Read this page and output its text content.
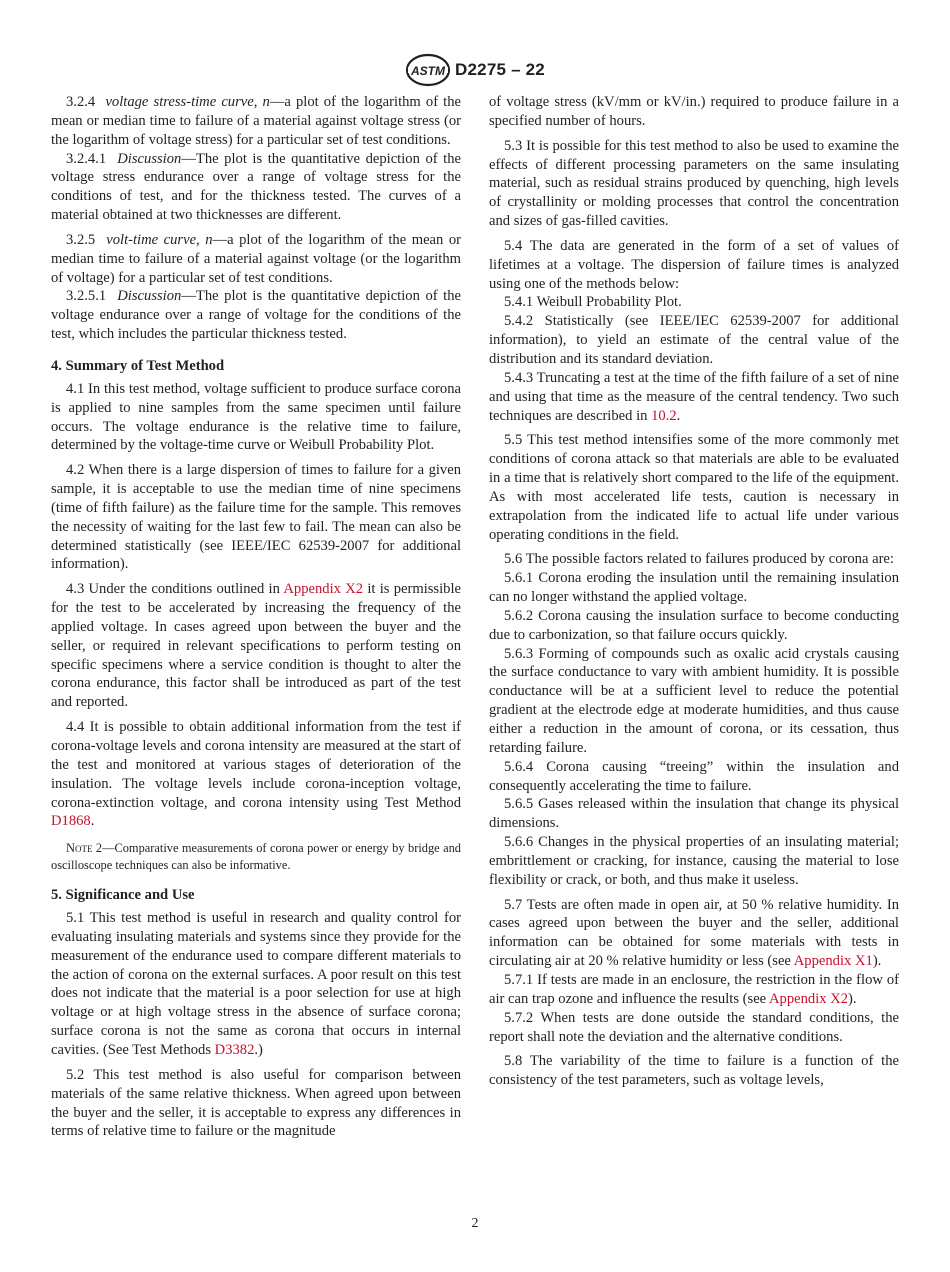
ASTM D2275 – 22

3.2.4 voltage stress-time curve, n—a plot of the logarithm of the mean or median time to failure of a material against voltage stress (or the logarithm of voltage stress) for a particular set of test conditions.

3.2.4.1 Discussion—The plot is the quantitative depiction of the voltage stress endurance over a range of voltage stress for the conditions of test, and for the thickness tested. The curves of a material obtained at two thicknesses are different.

3.2.5 volt-time curve, n—a plot of the logarithm of the mean or median time to failure of a material against voltage (or the logarithm of voltage) for a particular set of test conditions.

3.2.5.1 Discussion—The plot is the quantitative depiction of the voltage endurance over a range of voltage for the conditions of the test, which includes the particular thickness tested.

4. Summary of Test Method

4.1 In this test method, voltage sufficient to produce surface corona is applied to nine samples from the same specimen until failure occurs. The voltage endurance is the relative time to failure, determined by the voltage-time curve or Weibull Probability Plot.

4.2 When there is a large dispersion of times to failure for a given sample, it is acceptable to use the median time of nine specimens (time of fifth failure) as the failure time for the sample. This removes the necessity of waiting for the last few to fail. The mean can also be determined statistically (see IEEE/IEC 62539-2007 for additional information).

4.3 Under the conditions outlined in Appendix X2 it is permissible for the test to be accelerated by increasing the frequency of the applied voltage. In cases agreed upon between the buyer and the seller, or required in relevant specifications to perform testing on specific specimens where a service condition is thought to alter the corona endurance, this factor shall be introduced as part of the test and reported.

4.4 It is possible to obtain additional information from the test if corona-voltage levels and corona intensity are measured at the start of the test and monitored at various stages of deterioration of the insulation. The voltage levels include corona-inception voltage, corona-extinction voltage, and corona intensity using Test Method D1868.

Note 2—Comparative measurements of corona power or energy by bridge and oscilloscope techniques can also be informative.

5. Significance and Use

5.1 This test method is useful in research and quality control for evaluating insulating materials and systems since they provide for the measurement of the endurance used to compare different materials to the action of corona on the external surfaces. A poor result on this test does not indicate that the material is a poor selection for use at high voltage or at high voltage stress in the absence of surface corona; surface corona is not the same as corona that occurs in internal cavities. (See Test Methods D3382.)

5.2 This test method is also useful for comparison between materials of the same relative thickness. When agreed upon between the buyer and the seller, it is acceptable to express any differences in terms of relative time to failure or the magnitude

of voltage stress (kV/mm or kV/in.) required to produce failure in a specified number of hours.

5.3 It is possible for this test method to also be used to examine the effects of different processing parameters on the same insulating material, such as residual strains produced by quenching, high levels of crystallinity or molding processes that control the concentration and sizes of gas-filled cavities.

5.4 The data are generated in the form of a set of values of lifetimes at a voltage. The dispersion of failure times is analyzed using one of the methods below:

5.4.1 Weibull Probability Plot.

5.4.2 Statistically (see IEEE/IEC 62539-2007 for additional information), to yield an estimate of the central value of the distribution and its standard deviation.

5.4.3 Truncating a test at the time of the fifth failure of a set of nine and using that time as the measure of the central tendency. Two such techniques are described in 10.2.

5.5 This test method intensifies some of the more commonly met conditions of corona attack so that materials are able to be evaluated in a time that is relatively short compared to the life of the equipment. As with most accelerated life tests, caution is necessary in extrapolation from the indicated life to actual life under various operating conditions in the field.

5.6 The possible factors related to failures produced by corona are:

5.6.1 Corona eroding the insulation until the remaining insulation can no longer withstand the applied voltage.

5.6.2 Corona causing the insulation surface to become conducting due to carbonization, so that failure occurs quickly.

5.6.3 Forming of compounds such as oxalic acid crystals causing the surface conductance to vary with ambient humidity. It is possible conductance will be at a sufficient level to reduce the potential gradient at the electrode edge at moderate humidities, and thus cause either a reduction in the amount of corona, or its cessation, thus retarding failure.

5.6.4 Corona causing “treeing” within the insulation and consequently accelerating the time to failure.

5.6.5 Gases released within the insulation that change its physical dimensions.

5.6.6 Changes in the physical properties of an insulating material; embrittlement or cracking, for instance, causing the material to lose flexibility or crack, or both, and thus make it useless.

5.7 Tests are often made in open air, at 50 % relative humidity. In cases agreed upon between the buyer and the seller, additional information can be obtained for some materials with tests in circulating air at 20 % relative humidity or less (see Appendix X1).

5.7.1 If tests are made in an enclosure, the restriction in the flow of air can trap ozone and influence the results (see Appendix X2).

5.7.2 When tests are done outside the standard conditions, the report shall note the deviation and the alternative conditions.

5.8 The variability of the time to failure is a function of the consistency of the test parameters, such as voltage levels,

2
